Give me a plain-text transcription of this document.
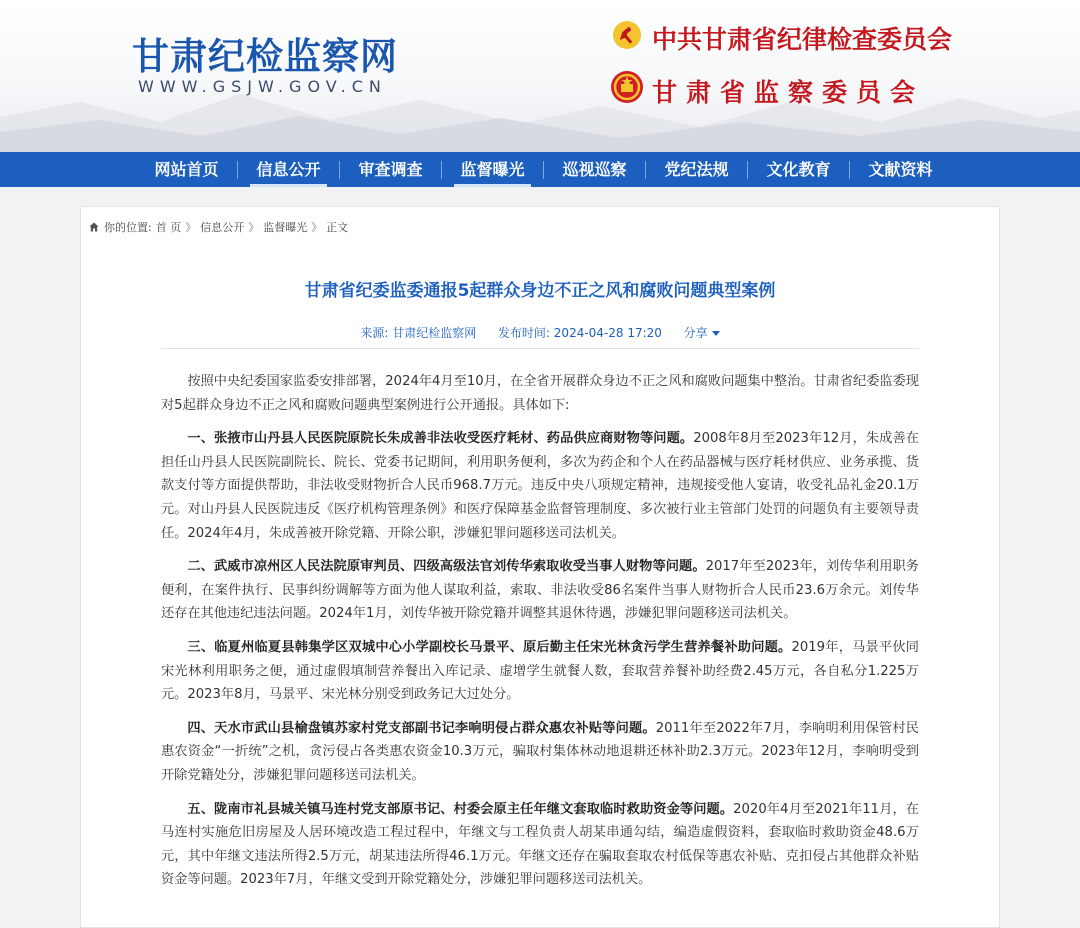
甘肃纪检监察网
WWW.GSJW.GOV.CN
中共甘肃省纪律检查委员会
甘肃省监察委员会
网站首页	信息公开	审查调查	监督曝光	巡视巡察	党纪法规	文化教育	文献资料
你的位置: 首 页 》 信息公开 》 监督曝光 》 正文
甘肃省纪委监委通报5起群众身边不正之风和腐败问题典型案例
来源: 甘肃纪检监察网 发布时间: 2024-04-28 17:20 分享

按照中央纪委国家监委安排部署，2024年4月至10月，在全省开展群众身边不正之风和腐败问题集中整治。甘肃省纪委监委现对5起群众身边不正之风和腐败问题典型案例进行公开通报。具体如下:

一、张掖市山丹县人民医院原院长朱成善非法收受医疗耗材、药品供应商财物等问题。2008年8月至2023年12月，朱成善在担任山丹县人民医院副院长、院长、党委书记期间，利用职务便利，多次为药企和个人在药品器械与医疗耗材供应、业务承揽、货款支付等方面提供帮助，非法收受财物折合人民币968.7万元。违反中央八项规定精神，违规接受他人宴请，收受礼品礼金20.1万元。对山丹县人民医院违反《医疗机构管理条例》和医疗保障基金监督管理制度、多次被行业主管部门处罚的问题负有主要领导责任。2024年4月，朱成善被开除党籍、开除公职，涉嫌犯罪问题移送司法机关。

二、武威市凉州区人民法院原审判员、四级高级法官刘传华索取收受当事人财物等问题。2017年至2023年，刘传华利用职务便利，在案件执行、民事纠纷调解等方面为他人谋取利益，索取、非法收受86名案件当事人财物折合人民币23.6万余元。刘传华还存在其他违纪违法问题。2024年1月，刘传华被开除党籍并调整其退休待遇，涉嫌犯罪问题移送司法机关。

三、临夏州临夏县韩集学区双城中心小学副校长马景平、原后勤主任宋光林贪污学生营养餐补助问题。2019年，马景平伙同宋光林利用职务之便，通过虚假填制营养餐出入库记录、虚增学生就餐人数，套取营养餐补助经费2.45万元，各自私分1.225万元。2023年8月，马景平、宋光林分别受到政务记大过处分。

四、天水市武山县榆盘镇苏家村党支部副书记李响明侵占群众惠农补贴等问题。2011年至2022年7月，李响明利用保管村民惠农资金“一折统”之机，贪污侵占各类惠农资金10.3万元，骗取村集体林动地退耕还林补助2.3万元。2023年12月，李响明受到开除党籍处分，涉嫌犯罪问题移送司法机关。

五、陇南市礼县城关镇马连村党支部原书记、村委会原主任年继文套取临时救助资金等问题。2020年4月至2021年11月，在马连村实施危旧房屋及人居环境改造工程过程中，年继文与工程负责人胡某串通勾结，编造虚假资料，套取临时救助资金48.6万元，其中年继文违法所得2.5万元，胡某违法所得46.1万元。年继文还存在骗取套取农村低保等惠农补贴、克扣侵占其他群众补贴资金等问题。2023年7月，年继文受到开除党籍处分，涉嫌犯罪问题移送司法机关。
